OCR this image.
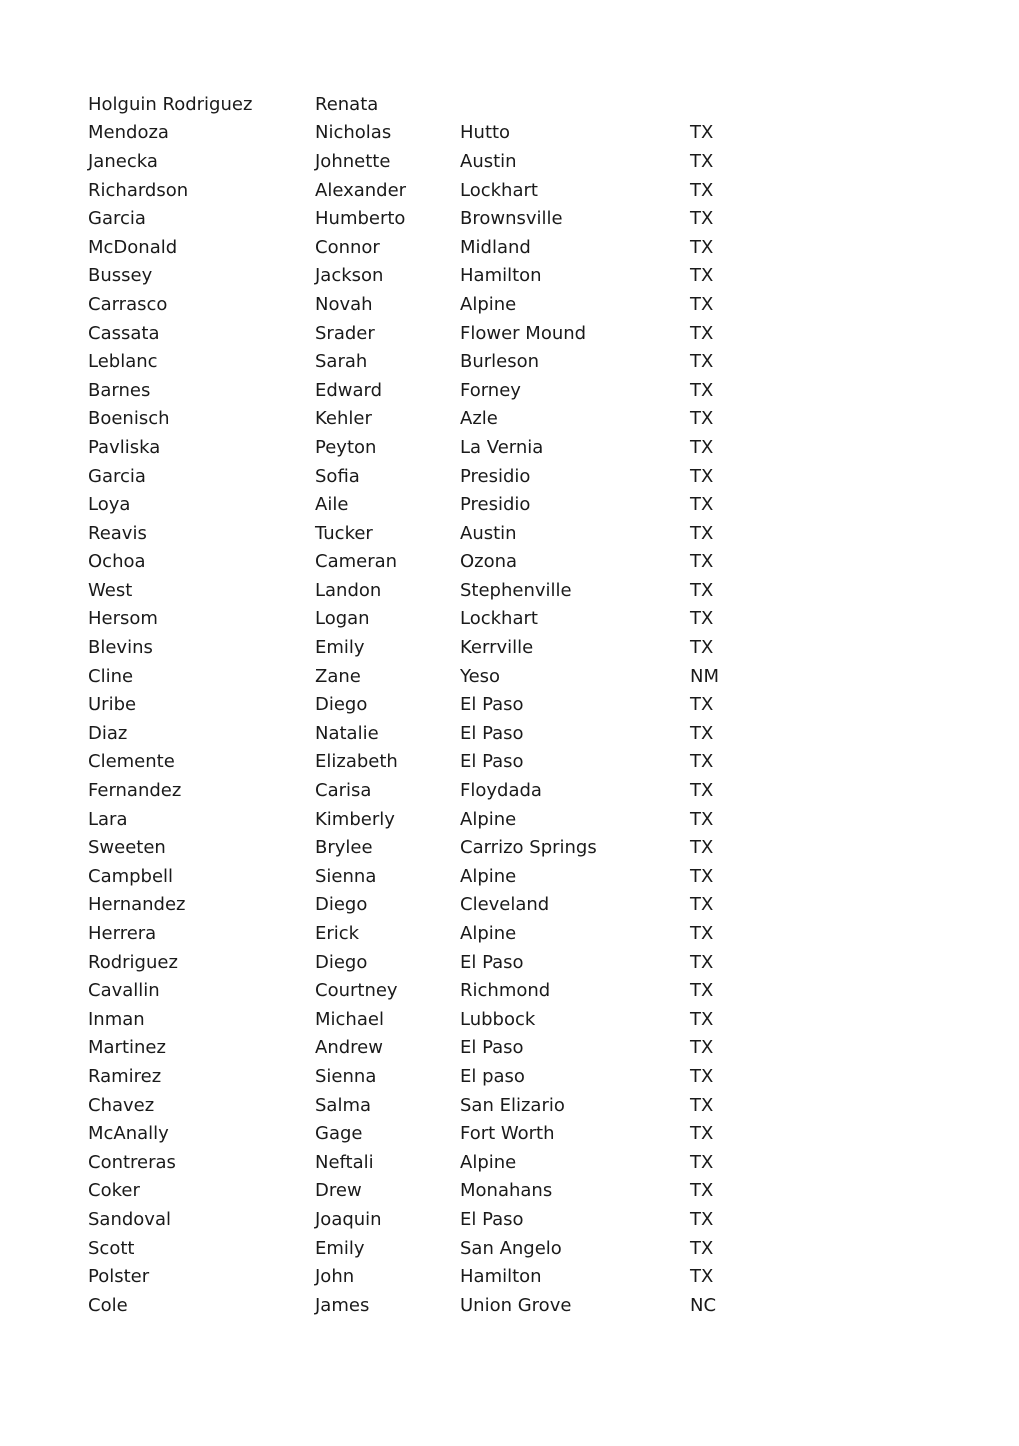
Holguin Rodriguez	Renata
Mendoza	Nicholas	Hutto	TX
Janecka	Johnette	Austin	TX
Richardson	Alexander	Lockhart	TX
Garcia	Humberto	Brownsville	TX
McDonald	Connor	Midland	TX
Bussey	Jackson	Hamilton	TX
Carrasco	Novah	Alpine	TX
Cassata	Srader	Flower Mound	TX
Leblanc	Sarah	Burleson	TX
Barnes	Edward	Forney	TX
Boenisch	Kehler	Azle	TX
Pavliska	Peyton	La Vernia	TX
Garcia	Sofia	Presidio	TX
Loya	Aile	Presidio	TX
Reavis	Tucker	Austin	TX
Ochoa	Cameran	Ozona	TX
West	Landon	Stephenville	TX
Hersom	Logan	Lockhart	TX
Blevins	Emily	Kerrville	TX
Cline	Zane	Yeso	NM
Uribe	Diego	El Paso	TX
Diaz	Natalie	El Paso	TX
Clemente	Elizabeth	El Paso	TX
Fernandez	Carisa	Floydada	TX
Lara	Kimberly	Alpine	TX
Sweeten	Brylee	Carrizo Springs	TX
Campbell	Sienna	Alpine	TX
Hernandez	Diego	Cleveland	TX
Herrera	Erick	Alpine	TX
Rodriguez	Diego	El Paso	TX
Cavallin	Courtney	Richmond	TX
Inman	Michael	Lubbock	TX
Martinez	Andrew	El Paso	TX
Ramirez	Sienna	El paso	TX
Chavez	Salma	San Elizario	TX
McAnally	Gage	Fort Worth	TX
Contreras	Neftali	Alpine	TX
Coker	Drew	Monahans	TX
Sandoval	Joaquin	El Paso	TX
Scott	Emily	San Angelo	TX
Polster	John	Hamilton	TX
Cole	James	Union Grove	NC
